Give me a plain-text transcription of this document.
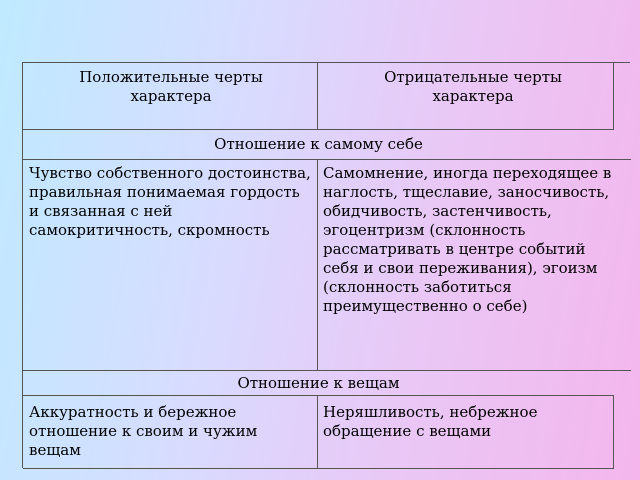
Положительные черты характера
Отрицательные черты характера
Отношение к самому себе
Чувство собственного достоинства, правильная понимаемая гордость и связанная с ней самокритичность, скромность
Самомнение, иногда переходящее в наглость, тщеславие, заносчивость, обидчивость, застенчивость, эгоцентризм (склонность рассматривать в центре событий себя и свои переживания), эгоизм (склонность заботиться преимущественно о себе)
Отношение к вещам
Аккуратность и бережное отношение к своим и чужим вещам
Неряшливость, небрежное обращение с вещами
